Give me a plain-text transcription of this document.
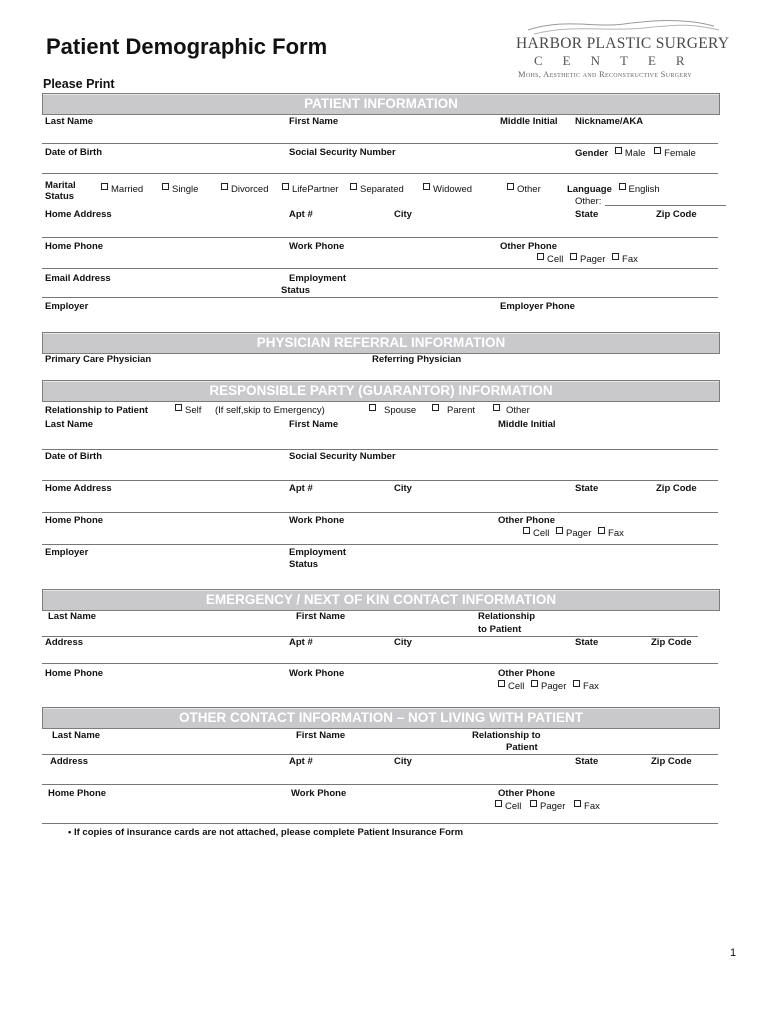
Patient Demographic Form
Please Print
HARBOR PLASTIC SURGERY
CENTER
Mohs, Aesthetic and Reconstructive Surgery
PATIENT INFORMATION
Last Name	First Name	Middle Initial Nickname/AKA
Date of Birth	Social Security Number	Gender Male Female
Marital
Status
Married	Single	Divorced	LifePartner	Separated	Widowed	Other	Language English
Other:
Home Address	Apt #	City	State	Zip Code
Home Phone	Work Phone	Other Phone
Cell Pager Fax
Email Address	Employment
Status
Employer	Employer Phone
PHYSICIAN REFERRAL INFORMATION
Primary Care Physician	Referring Physician
RESPONSIBLE PARTY (GUARANTOR) INFORMATION
Relationship to Patient	Self (If self,skip to Emergency)	Spouse	Parent	Other
Last Name	First Name	Middle Initial
Date of Birth	Social Security Number
Home Address	Apt #	City	State	Zip Code
Home Phone	Work Phone	Other Phone
Cell Pager Fax
Employer	Employment
Status
EMERGENCY / NEXT OF KIN CONTACT INFORMATION
Last Name	First Name	Relationship
to Patient
Address	Apt #	City	State	Zip Code
Home Phone	Work Phone	Other Phone
Cell Pager Fax
OTHER CONTACT INFORMATION – NOT LIVING WITH PATIENT
Last Name	First Name	Relationship to
Patient
Address	Apt #	City	State	Zip Code
Home Phone	Work Phone	Other Phone
Cell Pager Fax
• If copies of insurance cards are not attached, please complete Patient Insurance Form
1
